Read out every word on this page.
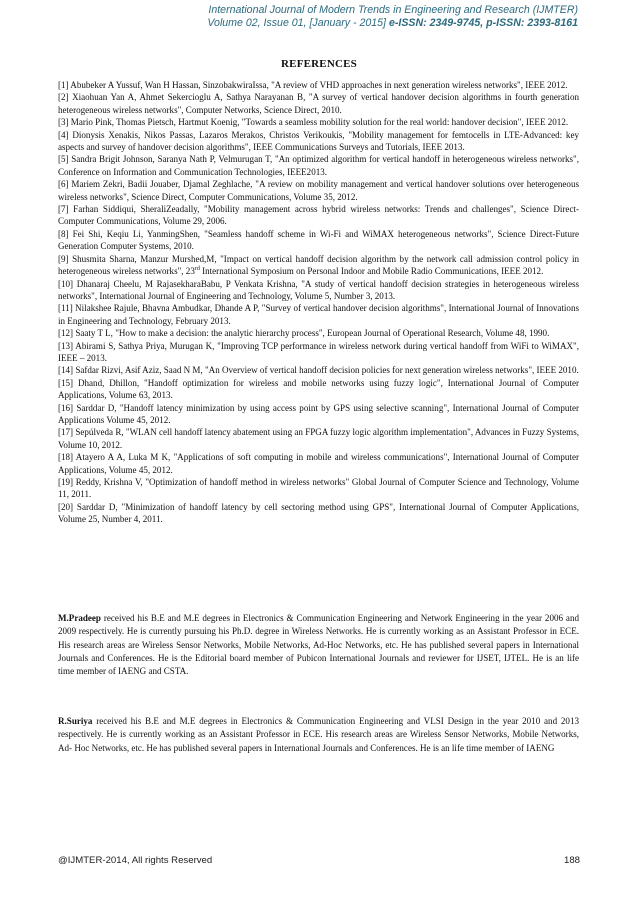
International Journal of Modern Trends in Engineering and Research (IJMTER)
Volume 02, Issue 01, [January - 2015] e-ISSN: 2349-9745, p-ISSN: 2393-8161
REFERENCES

[1] Abubeker A Yussuf, Wan H Hassan, SinzobakwiraIssa, "A review of VHD approaches in next generation wireless networks", IEEE 2012.

[2] Xiaohuan Yan A, Ahmet Sekercioglu A, Sathya Narayanan B, "A survey of vertical handover decision algorithms in fourth generation heterogeneous wireless networks", Computer Networks, Science Direct, 2010.

[3] Mario Pink, Thomas Pietsch, Hartmut Koenig, "Towards a seamless mobility solution for the real world: handover decision", IEEE 2012.

[4] Dionysis Xenakis, Nikos Passas, Lazaros Merakos, Christos Verikoukis, "Mobility management for femtocells in LTE-Advanced: key aspects and survey of handover decision algorithms", IEEE Communications Surveys and Tutorials, IEEE 2013.

[5] Sandra Brigit Johnson, Saranya Nath P, Velmurugan T, "An optimized algorithm for vertical handoff in heterogeneous wireless networks", Conference on Information and Communication Technologies, IEEE2013.

[6] Mariem Zekri, Badii Jouaber, Djamal Zeghlache, "A review on mobility management and vertical handover solutions over heterogeneous wireless networks", Science Direct, Computer Communications, Volume 35, 2012.

[7] Farhan Siddiqui, SheraliZeadally, "Mobility management across hybrid wireless networks: Trends and challenges", Science Direct-Computer Communications, Volume 29, 2006.

[8] Fei Shi, Keqiu Li, YanmingShen, "Seamless handoff scheme in Wi-Fi and WiMAX heterogeneous networks", Science Direct-Future Generation Computer Systems, 2010.

[9] Shusmita Sharna, Manzur Murshed,M, "Impact on vertical handoff decision algorithm by the network call admission control policy in heterogeneous wireless networks", 23rd International Symposium on Personal Indoor and Mobile Radio Communications, IEEE 2012.

[10] Dhanaraj Cheelu, M RajasekharaBabu, P Venkata Krishna, "A study of vertical handoff decision strategies in heterogeneous wireless networks", International Journal of Engineering and Technology, Volume 5, Number 3, 2013.

[11] Nilakshee Rajule, Bhavna Ambudkar, Dhande A P, "Survey of vertical handover decision algorithms", International Journal of Innovations in Engineering and Technology, February 2013.

[12] Saaty T L, "How to make a decision: the analytic hierarchy process", European Journal of Operational Research, Volume 48, 1990.

[13] Abirami S, Sathya Priya, Murugan K, "Improving TCP performance in wireless network during vertical handoff from WiFi to WiMAX", IEEE – 2013.

[14] Safdar Rizvi, Asif Aziz, Saad N M, "An Overview of vertical handoff decision policies for next generation wireless networks", IEEE 2010.

[15] Dhand, Dhillon, "Handoff optimization for wireless and mobile networks using fuzzy logic", International Journal of Computer Applications, Volume 63, 2013.

[16] Sarddar D, "Handoff latency minimization by using access point by GPS using selective scanning", International Journal of Computer Applications Volume 45, 2012.

[17] Sepúlveda R, "WLAN cell handoff latency abatement using an FPGA fuzzy logic algorithm implementation", Advances in Fuzzy Systems, Volume 10, 2012.

[18] Atayero A A, Luka M K, "Applications of soft computing in mobile and wireless communications", International Journal of Computer Applications, Volume 45, 2012.

[19] Reddy, Krishna V, "Optimization of handoff method in wireless networks" Global Journal of Computer Science and Technology, Volume 11, 2011.

[20] Sarddar D, "Minimization of handoff latency by cell sectoring method using GPS", International Journal of Computer Applications, Volume 25, Number 4, 2011.

M.Pradeep received his B.E and M.E degrees in Electronics & Communication Engineering and Network Engineering in the year 2006 and 2009 respectively. He is currently pursuing his Ph.D. degree in Wireless Networks. He is currently working as an Assistant Professor in ECE. His research areas are Wireless Sensor Networks, Mobile Networks, Ad-Hoc Networks, etc. He has published several papers in International Journals and Conferences. He is the Editorial board member of Pubicon International Journals and reviewer for IJSET, IJTEL. He is an life time member of IAENG and CSTA.
R.Suriya received his B.E and M.E degrees in Electronics & Communication Engineering and VLSI Design in the year 2010 and 2013 respectively. He is currently working as an Assistant Professor in ECE. His research areas are Wireless Sensor Networks, Mobile Networks, Ad- Hoc Networks, etc. He has published several papers in International Journals and Conferences. He is an life time member of IAENG
@IJMTER-2014, All rights Reserved	188
